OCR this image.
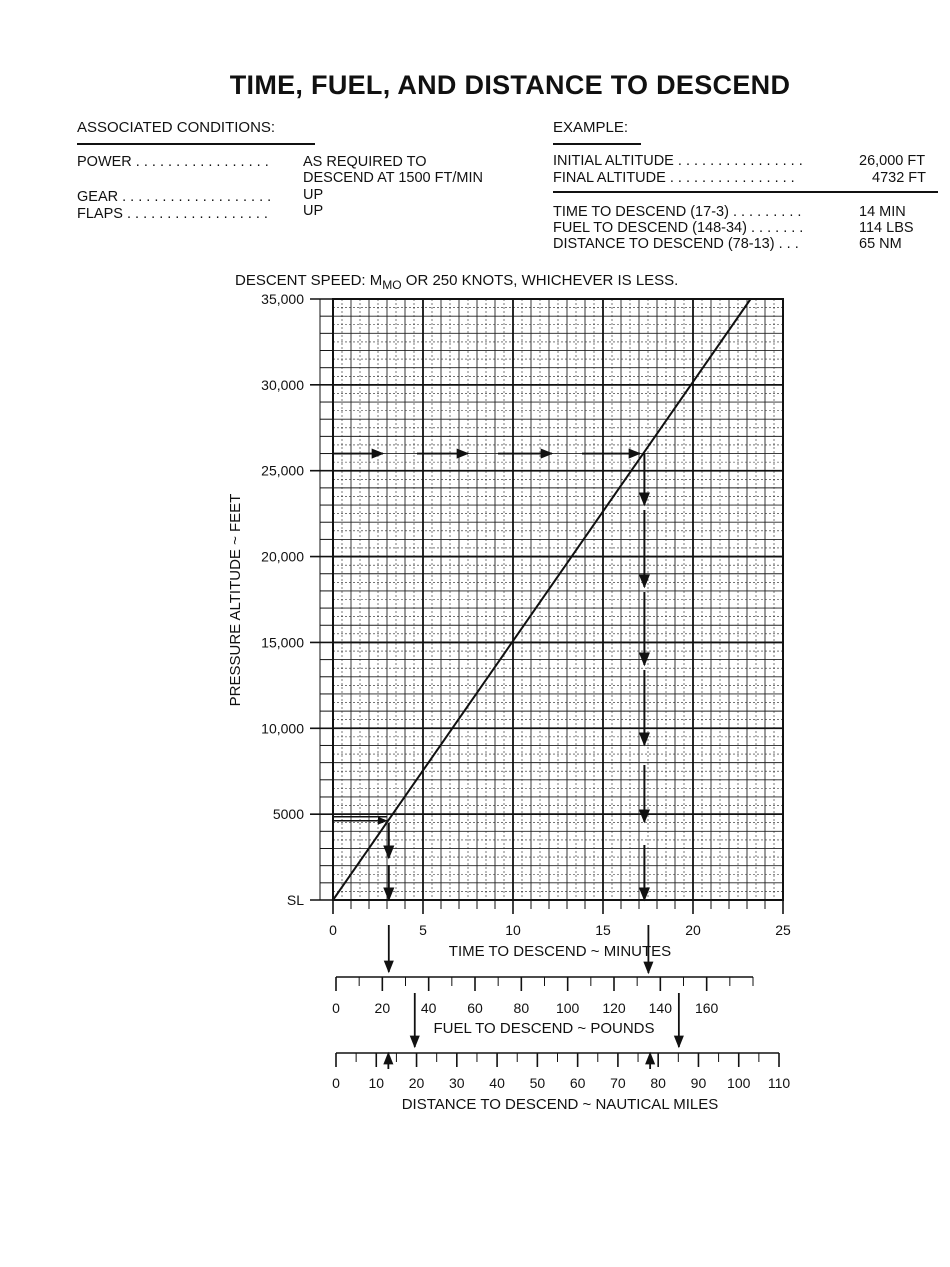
TIME, FUEL, AND DISTANCE TO DESCEND
ASSOCIATED CONDITIONS:
POWER . . . . . . . . . . . . . . . . . AS REQUIRED TO
DESCEND AT 1500 FT/MIN
GEAR . . . . . . . . . . . . . . . . . . . UP
FLAPS . . . . . . . . . . . . . . . . . . UP
EXAMPLE:
INITIAL ALTITUDE . . . . . . . . . . . . . . . .	26,000 FT
FINAL ALTITUDE . . . . . . . . . . . . . . . .	4732 FT
TIME TO DESCEND (17-3) . . . . . . . . .	14 MIN
FUEL TO DESCEND (148-34) . . . . . . .	114 LBS
DISTANCE TO DESCEND (78-13) . . .	65 NM
DESCENT SPEED: $M_{MO}$ OR 250 KNOTS, WHICHEVER IS LESS.
SL
5000
10,000
15,000
20,000
25,000
30,000
35,000
0	5	10	15	20	25
PRESSURE ALTITUDE ~ FEET
TIME TO DESCEND ~ MINUTES
0 20 40 60 80 100 120 140 160
FUEL TO DESCEND ~ POUNDS
0 10 20 30 40 50 60 70 80 90 100 110
DISTANCE TO DESCEND ~ NAUTICAL MILES
